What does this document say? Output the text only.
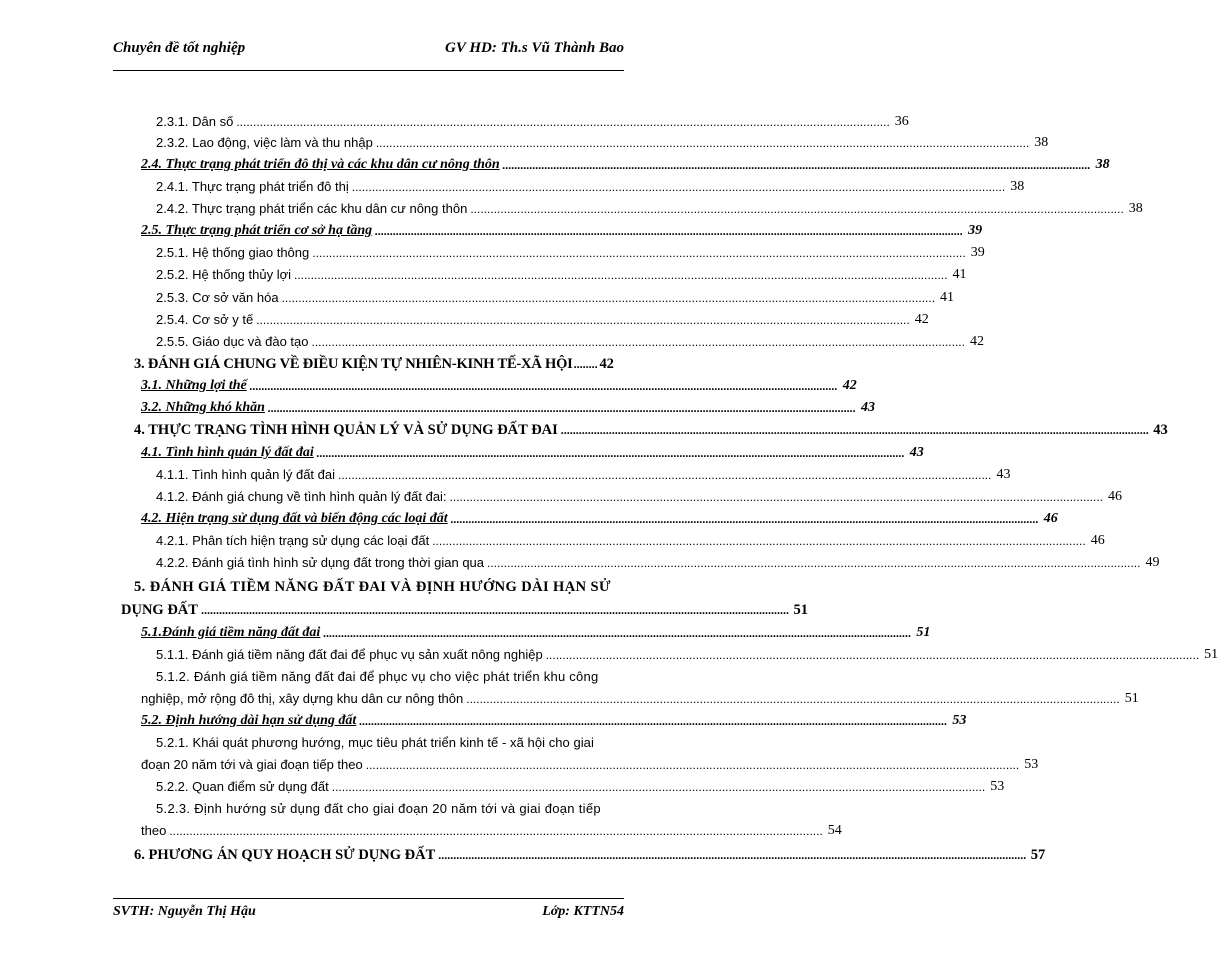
Chuyên đề tốt nghiệp	GV HD: Th.s Vũ Thành Bao
2.3.1. Dân số .................................................................................................................................................................................................... 36
2.3.2. Lao động, việc làm và thu nhập .................................................................................................................................................................................................... 38
2.4. Thực trạng phát triển đô thị và các khu dân cư nông thôn .................................................................................................................................................................................................... 38
2.4.1. Thực trạng phát triển đô thị .................................................................................................................................................................................................... 38
2.4.2. Thực trạng phát triển các khu dân cư nông thôn .................................................................................................................................................................................................... 38
2.5. Thực trạng phát triển cơ sở hạ tầng .................................................................................................................................................................................................... 39
2.5.1. Hệ thống giao thông .................................................................................................................................................................................................... 39
2.5.2. Hệ thống thủy lợi .................................................................................................................................................................................................... 41
2.5.3. Cơ sở văn hóa .................................................................................................................................................................................................... 41
2.5.4. Cơ sở y tế .................................................................................................................................................................................................... 42
2.5.5. Giáo dục và đào tạo .................................................................................................................................................................................................... 42
3. ĐÁNH GIÁ CHUNG VỀ ĐIỀU KIỆN TỰ NHIÊN-KINH TẾ-XÃ HỘI ........ 42
3.1. Những lợi thế .................................................................................................................................................................................................... 42
3.2. Những khó khăn .................................................................................................................................................................................................... 43
4. THỰC TRẠNG TÌNH HÌNH QUẢN LÝ VÀ SỬ DỤNG ĐẤT ĐAI .................................................................................................................................................................................................... 43
4.1. Tình hình quản lý đất đai .................................................................................................................................................................................................... 43
4.1.1. Tình hình quản lý đất đai .................................................................................................................................................................................................... 43
4.1.2. Đánh giá chung về tình hình quản lý đất đai: .................................................................................................................................................................................................... 46
4.2. Hiện trạng sử dụng đất và biến động các loại đất .................................................................................................................................................................................................... 46
4.2.1. Phân tích hiện trạng sử dụng các loại đất .................................................................................................................................................................................................... 46
4.2.2. Đánh giá tình hình sử dụng đất trong thời gian qua .................................................................................................................................................................................................... 49
5. ĐÁNH GIÁ TIỀM NĂNG ĐẤT ĐAI VÀ ĐỊNH HƯỚNG DÀI HẠN SỬ
DỤNG ĐẤT .................................................................................................................................................................................................... 51
5.1.Đánh giá tiềm năng đất đai .................................................................................................................................................................................................... 51
5.1.1. Đánh giá tiềm năng đất đai để phục vụ sản xuất nông nghiệp .................................................................................................................................................................................................... 51
5.1.2. Đánh giá tiềm năng đất đai để phục vụ cho việc phát triển khu công
nghiệp, mở rộng đô thị, xây dựng khu dân cư nông thôn .................................................................................................................................................................................................... 51
5.2. Định hướng dài hạn sử dụng đất .................................................................................................................................................................................................... 53
5.2.1. Khái quát phương hướng, mục tiêu phát triển kinh tế - xã hội cho giai
đoạn 20 năm tới và giai đoạn tiếp theo .................................................................................................................................................................................................... 53
5.2.2. Quan điểm sử dụng đất .................................................................................................................................................................................................... 53
5.2.3. Định hướng sử dụng đất cho giai đoạn 20 năm tới và giai đoạn tiếp
theo .................................................................................................................................................................................................... 54
6. PHƯƠNG ÁN QUY HOẠCH SỬ DỤNG ĐẤT .................................................................................................................................................................................................... 57
SVTH: Nguyễn Thị Hậu	Lớp: KTTN54
